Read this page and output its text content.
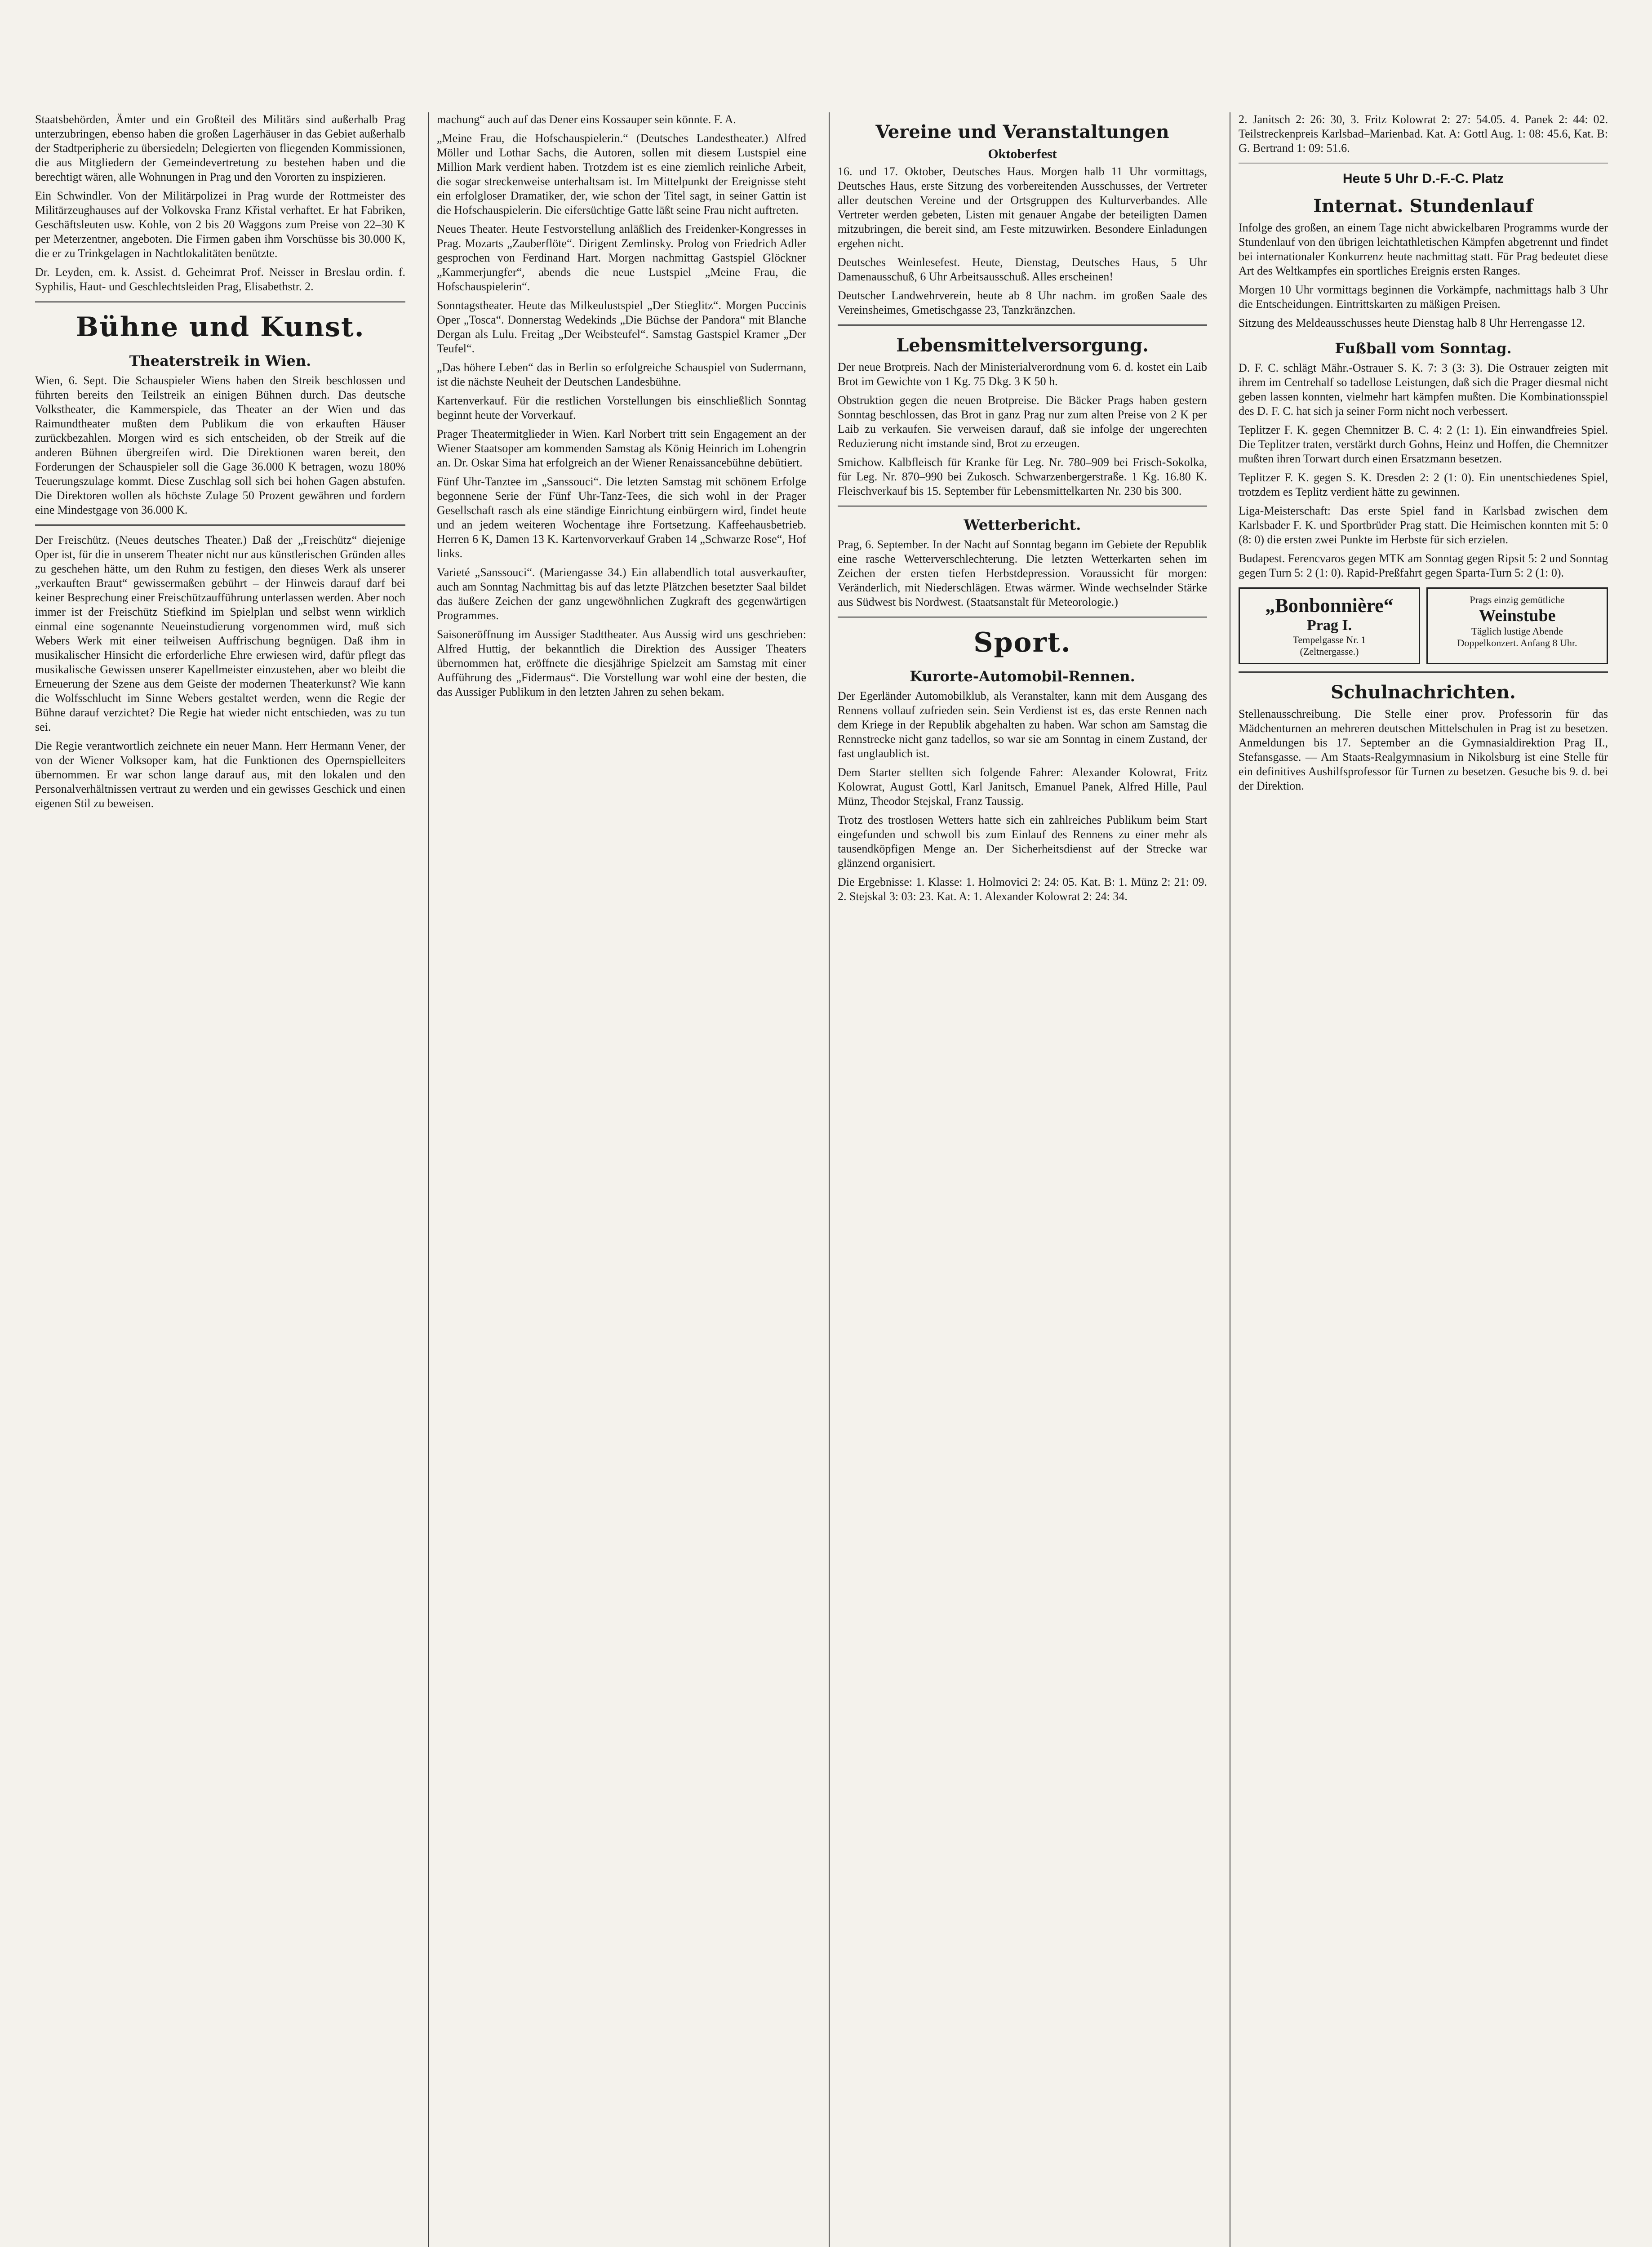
Staatsbehörden, Ämter und ein Großteil des Militärs sind außerhalb Prag unterzubringen, ebenso haben die großen Lagerhäuser in das Gebiet außerhalb der Stadtperipherie zu übersiedeln; Delegierten von fliegenden Kommissionen, die aus Mitgliedern der Gemeindevertretung zu bestehen haben und die berechtigt wären, alle Wohnungen in Prag und den Vororten zu inspizieren.

Ein Schwindler. Von der Militärpolizei in Prag wurde der Rottmeister des Militärzeughauses auf der Volkovska Franz Křistal verhaftet. Er hat Fabriken, Geschäftsleuten usw. Kohle, von 2 bis 20 Waggons zum Preise von 22–30 K per Meterzentner, angeboten. Die Firmen gaben ihm Vorschüsse bis 30.000 K, die er zu Trinkgelagen in Nachtlokalitäten benützte.

Dr. Leyden, em. k. Assist. d. Geheimrat Prof. Neisser in Breslau ordin. f. Syphilis, Haut- und Geschlechtsleiden Prag, Elisabethstr. 2.

Bühne und Kunst.
Theaterstreik in Wien.

Wien, 6. Sept. Die Schauspieler Wiens haben den Streik beschlossen und führten bereits den Teilstreik an einigen Bühnen durch. Das deutsche Volkstheater, die Kammerspiele, das Theater an der Wien und das Raimundtheater mußten dem Publikum die von erkauften Häuser zurückbezahlen. Morgen wird es sich entscheiden, ob der Streik auf die anderen Bühnen übergreifen wird. Die Direktionen waren bereit, den Forderungen der Schauspieler soll die Gage 36.000 K betragen, wozu 180% Teuerungszulage kommt. Diese Zuschlag soll sich bei hohen Gagen abstufen. Die Direktoren wollen als höchste Zulage 50 Prozent gewähren und fordern eine Mindestgage von 36.000 K.

Der Freischütz. (Neues deutsches Theater.) Daß der „Freischütz“ diejenige Oper ist, für die in unserem Theater nicht nur aus künstlerischen Gründen alles zu geschehen hätte, um den Ruhm zu festigen, den dieses Werk als unserer „verkauften Braut“ gewissermaßen gebührt – der Hinweis darauf darf bei keiner Besprechung einer Freischützaufführung unterlassen werden. Aber noch immer ist der Freischütz Stiefkind im Spielplan und selbst wenn wirklich einmal eine sogenannte Neueinstudierung vorgenommen wird, muß sich Webers Werk mit einer teilweisen Auffrischung begnügen. Daß ihm in musikalischer Hinsicht die erforderliche Ehre erwiesen wird, dafür pflegt das musikalische Gewissen unserer Kapellmeister einzustehen, aber wo bleibt die Erneuerung der Szene aus dem Geiste der modernen Theaterkunst? Wie kann die Wolfsschlucht im Sinne Webers gestaltet werden, wenn die Regie der Bühne darauf verzichtet? Die Regie hat wieder nicht entschieden, was zu tun sei.

Die Regie verantwortlich zeichnete ein neuer Mann. Herr Hermann Vener, der von der Wiener Volksoper kam, hat die Funktionen des Opernspielleiters übernommen. Er war schon lange darauf aus, mit den lokalen und den Personalverhältnissen vertraut zu werden und ein gewisses Geschick und einen eigenen Stil zu beweisen.

machung“ auch auf das Dener eins Kossauper sein könnte. F. A.

„Meine Frau, die Hofschauspielerin.“ (Deutsches Landestheater.) Alfred Möller und Lothar Sachs, die Autoren, sollen mit diesem Lustspiel eine Million Mark verdient haben. Trotzdem ist es eine ziemlich reinliche Arbeit, die sogar streckenweise unterhaltsam ist. Im Mittelpunkt der Ereignisse steht ein erfolgloser Dramatiker, der, wie schon der Titel sagt, in seiner Gattin ist die Hofschauspielerin. Die eifersüchtige Gatte läßt seine Frau nicht auftreten.

Neues Theater. Heute Festvorstellung anläßlich des Freidenker-Kongresses in Prag. Mozarts „Zauberflöte“. Dirigent Zemlinsky. Prolog von Friedrich Adler gesprochen von Ferdinand Hart. Morgen nachmittag Gastspiel Glöckner „Kammerjungfer“, abends die neue Lustspiel „Meine Frau, die Hofschauspielerin“.

Sonntagstheater. Heute das Milkeulustspiel „Der Stieglitz“. Morgen Puccinis Oper „Tosca“. Donnerstag Wedekinds „Die Büchse der Pandora“ mit Blanche Dergan als Lulu. Freitag „Der Weibsteufel“. Samstag Gastspiel Kramer „Der Teufel“.

„Das höhere Leben“ das in Berlin so erfolgreiche Schauspiel von Sudermann, ist die nächste Neuheit der Deutschen Landesbühne.

Kartenverkauf. Für die restlichen Vorstellungen bis einschließlich Sonntag beginnt heute der Vorverkauf.

Prager Theatermitglieder in Wien. Karl Norbert tritt sein Engagement an der Wiener Staatsoper am kommenden Samstag als König Heinrich im Lohengrin an. Dr. Oskar Sima hat erfolgreich an der Wiener Renaissancebühne debütiert.

Fünf Uhr-Tanztee im „Sanssouci“. Die letzten Samstag mit schönem Erfolge begonnene Serie der Fünf Uhr-Tanz-Tees, die sich wohl in der Prager Gesellschaft rasch als eine ständige Einrichtung einbürgern wird, findet heute und an jedem weiteren Wochentage ihre Fortsetzung. Kaffeehausbetrieb. Herren 6 K, Damen 13 K. Kartenvorverkauf Graben 14 „Schwarze Rose“, Hof links.

Varieté „Sanssouci“. (Mariengasse 34.) Ein allabendlich total ausverkaufter, auch am Sonntag Nachmittag bis auf das letzte Plätzchen besetzter Saal bildet das äußere Zeichen der ganz ungewöhnlichen Zugkraft des gegenwärtigen Programmes.

Saisoneröffnung im Aussiger Stadttheater. Aus Aussig wird uns geschrieben: Alfred Huttig, der bekanntlich die Direktion des Aussiger Theaters übernommen hat, eröffnete die diesjährige Spielzeit am Samstag mit einer Aufführung des „Fidermaus“. Die Vorstellung war wohl eine der besten, die das Aussiger Publikum in den letzten Jahren zu sehen bekam.

Vereine und Veranstaltungen
Oktoberfest

16. und 17. Oktober, Deutsches Haus. Morgen halb 11 Uhr vormittags, Deutsches Haus, erste Sitzung des vorbereitenden Ausschusses, der Vertreter aller deutschen Vereine und der Ortsgruppen des Kulturverbandes. Alle Vertreter werden gebeten, Listen mit genauer Angabe der beteiligten Damen mitzubringen, die bereit sind, am Feste mitzuwirken. Besondere Einladungen ergehen nicht.

Deutsches Weinlesefest. Heute, Dienstag, Deutsches Haus, 5 Uhr Damenausschuß, 6 Uhr Arbeitsausschuß. Alles erscheinen!

Deutscher Landwehrverein, heute ab 8 Uhr nachm. im großen Saale des Vereinsheimes, Gmetischgasse 23, Tanzkränzchen.

Lebensmittelversorgung.

Der neue Brotpreis. Nach der Ministerialverordnung vom 6. d. kostet ein Laib Brot im Gewichte von 1 Kg. 75 Dkg. 3 K 50 h.

Obstruktion gegen die neuen Brotpreise. Die Bäcker Prags haben gestern Sonntag beschlossen, das Brot in ganz Prag nur zum alten Preise von 2 K per Laib zu verkaufen. Sie verweisen darauf, daß sie infolge der ungerechten Reduzierung nicht imstande sind, Brot zu erzeugen.

Smichow. Kalbfleisch für Kranke für Leg. Nr. 780–909 bei Frisch-Sokolka, für Leg. Nr. 870–990 bei Zukosch. Schwarzenbergerstraße. 1 Kg. 16.80 K. Fleischverkauf bis 15. September für Lebensmittelkarten Nr. 230 bis 300.

Wetterbericht.

Prag, 6. September. In der Nacht auf Sonntag begann im Gebiete der Republik eine rasche Wetterverschlechterung. Die letzten Wetterkarten sehen im Zeichen der ersten tiefen Herbstdepression. Voraussicht für morgen: Veränderlich, mit Niederschlägen. Etwas wärmer. Winde wechselnder Stärke aus Südwest bis Nordwest. (Staatsanstalt für Meteorologie.)

Sport.
Kurorte-Automobil-Rennen.

Der Egerländer Automobilklub, als Veranstalter, kann mit dem Ausgang des Rennens vollauf zufrieden sein. Sein Verdienst ist es, das erste Rennen nach dem Kriege in der Republik abgehalten zu haben. War schon am Samstag die Rennstrecke nicht ganz tadellos, so war sie am Sonntag in einem Zustand, der fast unglaublich ist.

Dem Starter stellten sich folgende Fahrer: Alexander Kolowrat, Fritz Kolowrat, August Gottl, Karl Janitsch, Emanuel Panek, Alfred Hille, Paul Münz, Theodor Stejskal, Franz Taussig.

Trotz des trostlosen Wetters hatte sich ein zahlreiches Publikum beim Start eingefunden und schwoll bis zum Einlauf des Rennens zu einer mehr als tausendköpfigen Menge an. Der Sicherheitsdienst auf der Strecke war glänzend organisiert.

Die Ergebnisse: 1. Klasse: 1. Holmovici 2: 24: 05. Kat. B: 1. Münz 2: 21: 09. 2. Stejskal 3: 03: 23. Kat. A: 1. Alexander Kolowrat 2: 24: 34.

2. Janitsch 2: 26: 30, 3. Fritz Kolowrat 2: 27: 54.05. 4. Panek 2: 44: 02. Teilstreckenpreis Karlsbad–Marienbad. Kat. A: Gottl Aug. 1: 08: 45.6, Kat. B: G. Bertrand 1: 09: 51.6.

Heute 5 Uhr D.-F.-C. Platz
Internat. Stundenlauf

Infolge des großen, an einem Tage nicht abwickelbaren Programms wurde der Stundenlauf von den übrigen leichtathletischen Kämpfen abgetrennt und findet bei internationaler Konkurrenz heute nachmittag statt. Für Prag bedeutet diese Art des Weltkampfes ein sportliches Ereignis ersten Ranges.

Morgen 10 Uhr vormittags beginnen die Vorkämpfe, nachmittags halb 3 Uhr die Entscheidungen. Eintrittskarten zu mäßigen Preisen.

Sitzung des Meldeausschusses heute Dienstag halb 8 Uhr Herrengasse 12.

Fußball vom Sonntag.

D. F. C. schlägt Mähr.-Ostrauer S. K. 7: 3 (3: 3). Die Ostrauer zeigten mit ihrem im Centrehalf so tadellose Leistungen, daß sich die Prager diesmal nicht geben lassen konnten, vielmehr hart kämpfen mußten. Die Kombinationsspiel des D. F. C. hat sich ja seiner Form nicht noch verbessert.

Teplitzer F. K. gegen Chemnitzer B. C. 4: 2 (1: 1). Ein einwandfreies Spiel. Die Teplitzer traten, verstärkt durch Gohns, Heinz und Hoffen, die Chemnitzer mußten ihren Torwart durch einen Ersatzmann besetzen.

Teplitzer F. K. gegen S. K. Dresden 2: 2 (1: 0). Ein unentschiedenes Spiel, trotzdem es Teplitz verdient hätte zu gewinnen.

Liga-Meisterschaft: Das erste Spiel fand in Karlsbad zwischen dem Karlsbader F. K. und Sportbrüder Prag statt. Die Heimischen konnten mit 5: 0 (8: 0) die ersten zwei Punkte im Herbste für sich erzielen.

Budapest. Ferencvaros gegen MTK am Sonntag gegen Ripsit 5: 2 und Sonntag gegen Turn 5: 2 (1: 0). Rapid-Preßfahrt gegen Sparta-Turn 5: 2 (1: 0).

„Bonbonnière“
Prag I.
Tempelgasse Nr. 1
(Zeltnergasse.)
Prags einzig gemütliche
Weinstube
Täglich lustige Abende
Doppelkonzert. Anfang 8 Uhr.
Schulnachrichten.

Stellenausschreibung. Die Stelle einer prov. Professorin für das Mädchenturnen an mehreren deutschen Mittelschulen in Prag ist zu besetzen. Anmeldungen bis 17. September an die Gymnasialdirektion Prag II., Stefansgasse. — Am Staats-Realgymnasium in Nikolsburg ist eine Stelle für ein definitives Aushilfsprofessor für Turnen zu besetzen. Gesuche bis 9. d. bei der Direktion.
